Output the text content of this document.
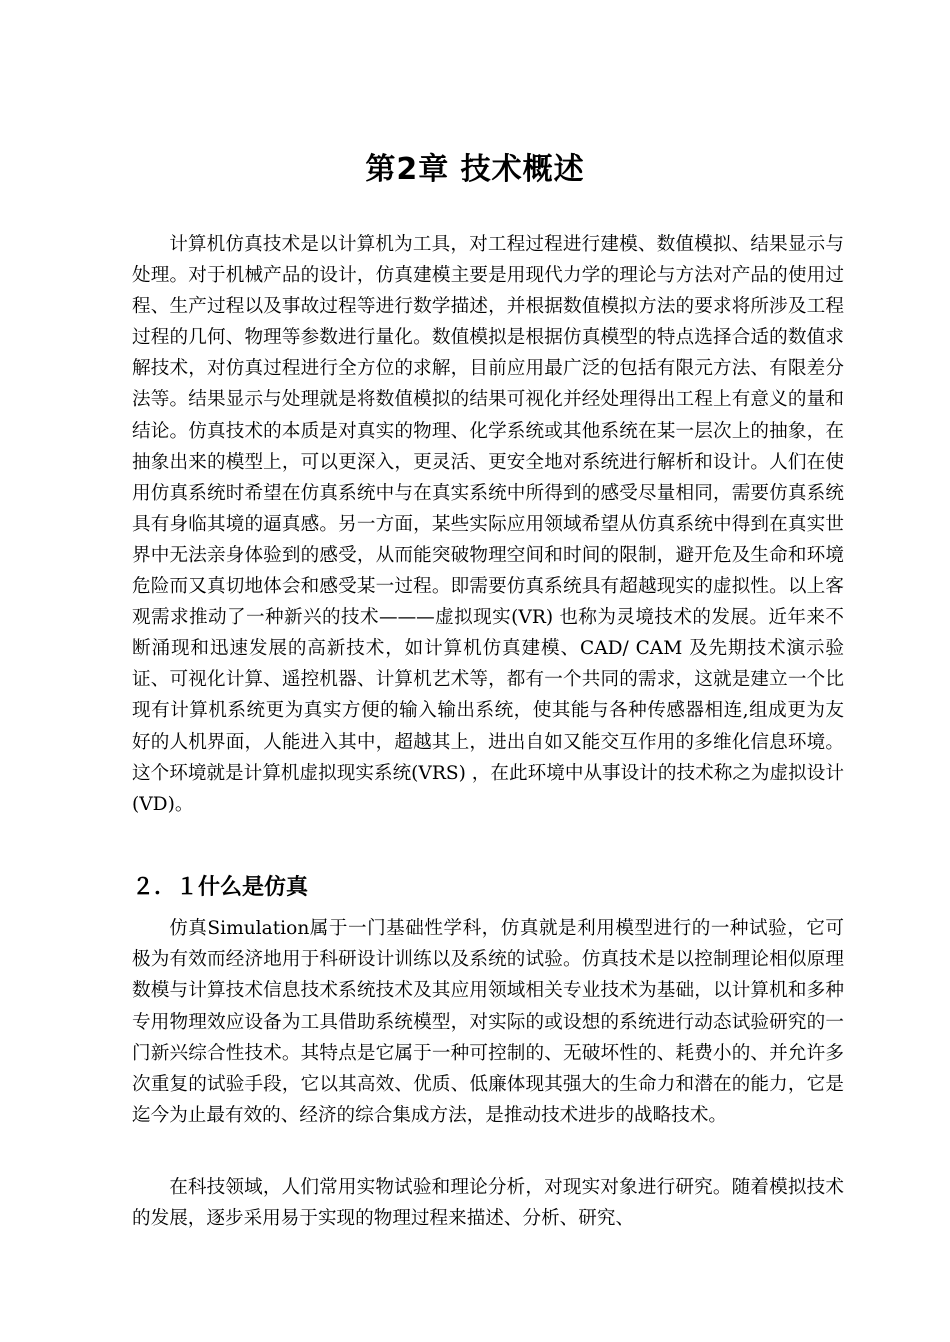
第2章 技术概述

计算机仿真技术是以计算机为工具，对工程过程进行建模、数值模拟、结果显示与处理。对于机械产品的设计，仿真建模主要是用现代力学的理论与方法对产品的使用过程、生产过程以及事故过程等进行数学描述，并根据数值模拟方法的要求将所涉及工程过程的几何、物理等参数进行量化。数值模拟是根据仿真模型的特点选择合适的数值求解技术，对仿真过程进行全方位的求解，目前应用最广泛的包括有限元方法、有限差分法等。结果显示与处理就是将数值模拟的结果可视化并经处理得出工程上有意义的量和结论。仿真技术的本质是对真实的物理、化学系统或其他系统在某一层次上的抽象，在抽象出来的模型上，可以更深入，更灵活、更安全地对系统进行解析和设计。人们在使用仿真系统时希望在仿真系统中与在真实系统中所得到的感受尽量相同，需要仿真系统具有身临其境的逼真感。另一方面，某些实际应用领域希望从仿真系统中得到在真实世界中无法亲身体验到的感受，从而能突破物理空间和时间的限制，避开危及生命和环境危险而又真切地体会和感受某一过程。即需要仿真系统具有超越现实的虚拟性。以上客观需求推动了一种新兴的技术———虚拟现实(VR) 也称为灵境技术的发展。近年来不断涌现和迅速发展的高新技术，如计算机仿真建模、CAD/ CAM 及先期技术演示验证、可视化计算、遥控机器、计算机艺术等，都有一个共同的需求，这就是建立一个比现有计算机系统更为真实方便的输入输出系统，使其能与各种传感器相连,组成更为友好的人机界面，人能进入其中，超越其上，进出自如又能交互作用的多维化信息环境。这个环境就是计算机虚拟现实系统(VRS) ，在此环境中从事设计的技术称之为虚拟设计(VD)。

２．１什么是仿真

仿真Simulation属于一门基础性学科，仿真就是利用模型进行的一种试验，它可极为有效而经济地用于科研设计训练以及系统的试验。仿真技术是以控制理论相似原理数模与计算技术信息技术系统技术及其应用领域相关专业技术为基础，以计算机和多种专用物理效应设备为工具借助系统模型，对实际的或设想的系统进行动态试验研究的一门新兴综合性技术。其特点是它属于一种可控制的、无破坏性的、耗费小的、并允许多次重复的试验手段，它以其高效、优质、低廉体现其强大的生命力和潜在的能力，它是迄今为止最有效的、经济的综合集成方法，是推动技术进步的战略技术。

在科技领域，人们常用实物试验和理论分析，对现实对象进行研究。随着模拟技术的发展，逐步采用易于实现的物理过程来描述、分析、研究、
